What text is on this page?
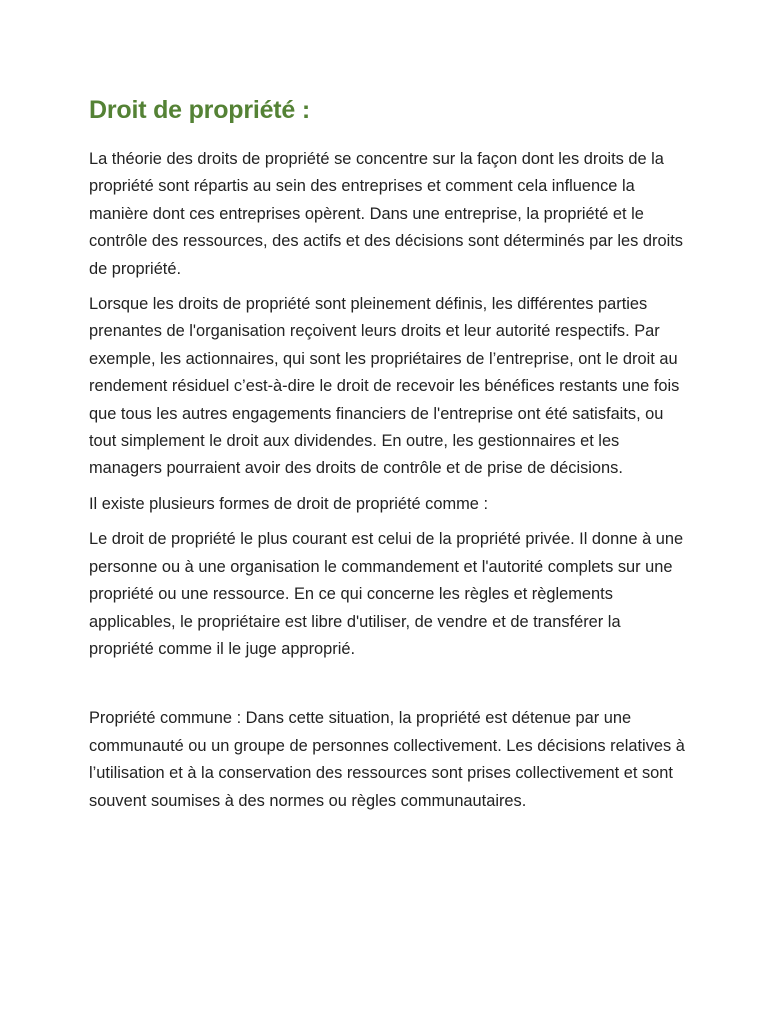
Droit de propriété :

La théorie des droits de propriété se concentre sur la façon dont les droits de la propriété sont répartis au sein des entreprises et comment cela influence la manière dont ces entreprises opèrent. Dans une entreprise, la propriété et le contrôle des ressources, des actifs et des décisions sont déterminés par les droits de propriété.

Lorsque les droits de propriété sont pleinement définis, les différentes parties prenantes de l'organisation reçoivent leurs droits et leur autorité respectifs. Par exemple, les actionnaires, qui sont les propriétaires de l’entreprise, ont le droit au rendement résiduel c’est-à-dire le droit de recevoir les bénéfices restants une fois que tous les autres engagements financiers de l'entreprise ont été satisfaits, ou tout simplement le droit aux dividendes. En outre, les gestionnaires et les managers pourraient avoir des droits de contrôle et de prise de décisions.

Il existe plusieurs formes de droit de propriété comme :

Le droit de propriété le plus courant est celui de la propriété privée. Il donne à une personne ou à une organisation le commandement et l'autorité complets sur une propriété ou une ressource. En ce qui concerne les règles et règlements applicables, le propriétaire est libre d'utiliser, de vendre et de transférer la propriété comme il le juge approprié.

Propriété commune : Dans cette situation, la propriété est détenue par une communauté ou un groupe de personnes collectivement. Les décisions relatives à l’utilisation et à la conservation des ressources sont prises collectivement et sont souvent soumises à des normes ou règles communautaires.
